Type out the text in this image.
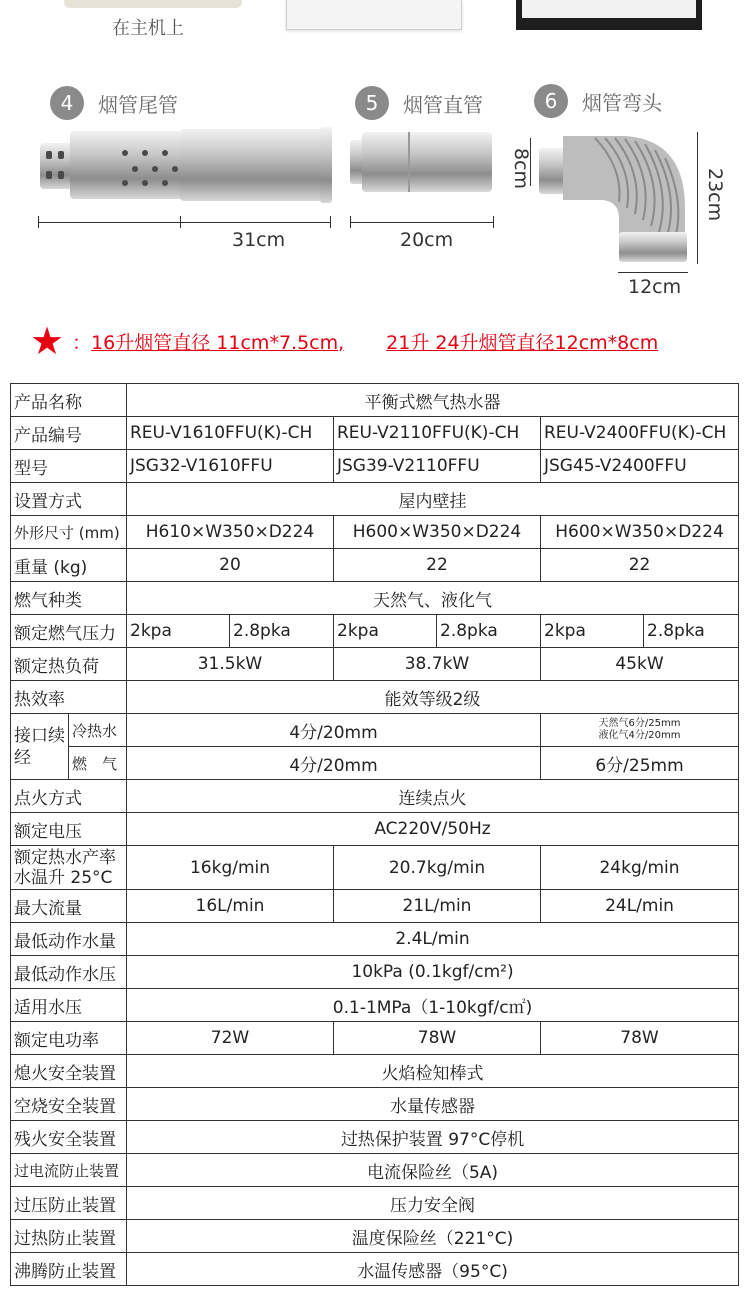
在主机上
4	烟管尾管
31cm
5	烟管直管
20cm
6	烟管弯头
8cm	23cm
12cm
★ ： 16升烟管直径 11cm*7.5cm, 21升 24升烟管直径12cm*8cm
产品名称		平衡式燃气热水器					
产品编号		REU-V1610FFU(K)-CH		REU-V2110FFU(K)-CH		REU-V2400FFU(K)-CH	
型号		JSG32-V1610FFU		JSG39-V2110FFU		JSG45-V2400FFU	
设置方式		屋内壁挂					
外形尺寸 (mm)		H610×W350×D224		H600×W350×D224		H600×W350×D224	
重量 (kg)		20		22		22	
燃气种类		天然气、液化气					
额定燃气压力		2kpa	2.8pka	2kpa	2.8pka	2kpa	2.8pka
额定热负荷		31.5kW		38.7kW		45kW	
热效率		能效等级2级					
接口续经	冷热水	4分/20mm				天然气6分/25mm
液化气4分/20mm	

	燃　气	4分/20mm				6分/25mm	
点火方式		连续点火					
额定电压		AC220V/50Hz					

额定热水产率
水温升 25°C		16kg/min		20.7kg/min		24kg/min	
最大流量		16L/min		21L/min		24L/min	
最低动作水量		2.4L/min					
最低动作水压		10kPa (0.1kgf/cm²)					
适用水压		0.1-1MPa（1-10kgf/c㎡)					
额定电功率		72W		78W		78W	
熄火安全装置		火焰检知棒式					
空烧安全装置		水量传感器					
残火安全装置		过热保护装置 97°C停机					
过电流防止装置		电流保险丝（5A)					
过压防止装置		压力安全阀					
过热防止装置		温度保险丝（221°C)					
沸腾防止装置		水温传感器（95°C)					
